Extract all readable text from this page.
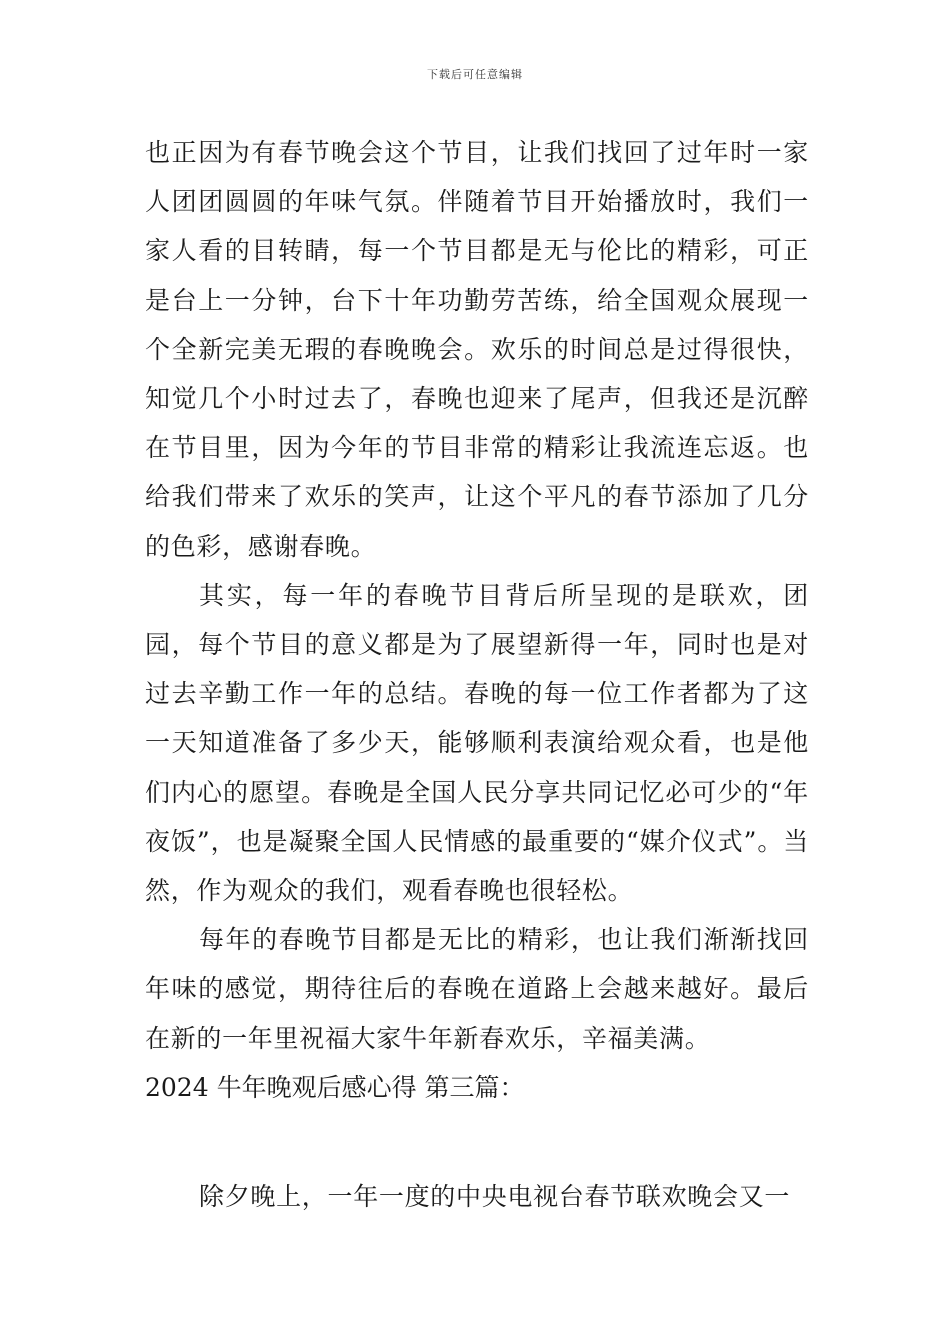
下载后可任意编辑

也正因为有春节晚会这个节目，让我们找回了过年时一家人团团圆圆的年味气氛。伴随着节目开始播放时，我们一家人看的目转睛，每一个节目都是无与伦比的精彩，可正是台上一分钟，台下十年功勤劳苦练，给全国观众展现一个全新完美无瑕的春晚晚会。欢乐的时间总是过得很快，知觉几个小时过去了，春晚也迎来了尾声，但我还是沉醉在节目里，因为今年的节目非常的精彩让我流连忘返。也给我们带来了欢乐的笑声，让这个平凡的春节添加了几分的色彩，感谢春晚。

其实，每一年的春晚节目背后所呈现的是联欢，团园，每个节目的意义都是为了展望新得一年，同时也是对过去辛勤工作一年的总结。春晚的每一位工作者都为了这一天知道准备了多少天，能够顺利表演给观众看，也是他们内心的愿望。春晚是全国人民分享共同记忆必可少的“年夜饭”，也是凝聚全国人民情感的最重要的“媒介仪式”。当然，作为观众的我们，观看春晚也很轻松。

每年的春晚节目都是无比的精彩，也让我们渐渐找回年味的感觉，期待往后的春晚在道路上会越来越好。最后在新的一年里祝福大家牛年新春欢乐，辛福美满。

2024 牛年晚观后感心得 第三篇：

除夕晚上，一年一度的中央电视台春节联欢晚会又一
